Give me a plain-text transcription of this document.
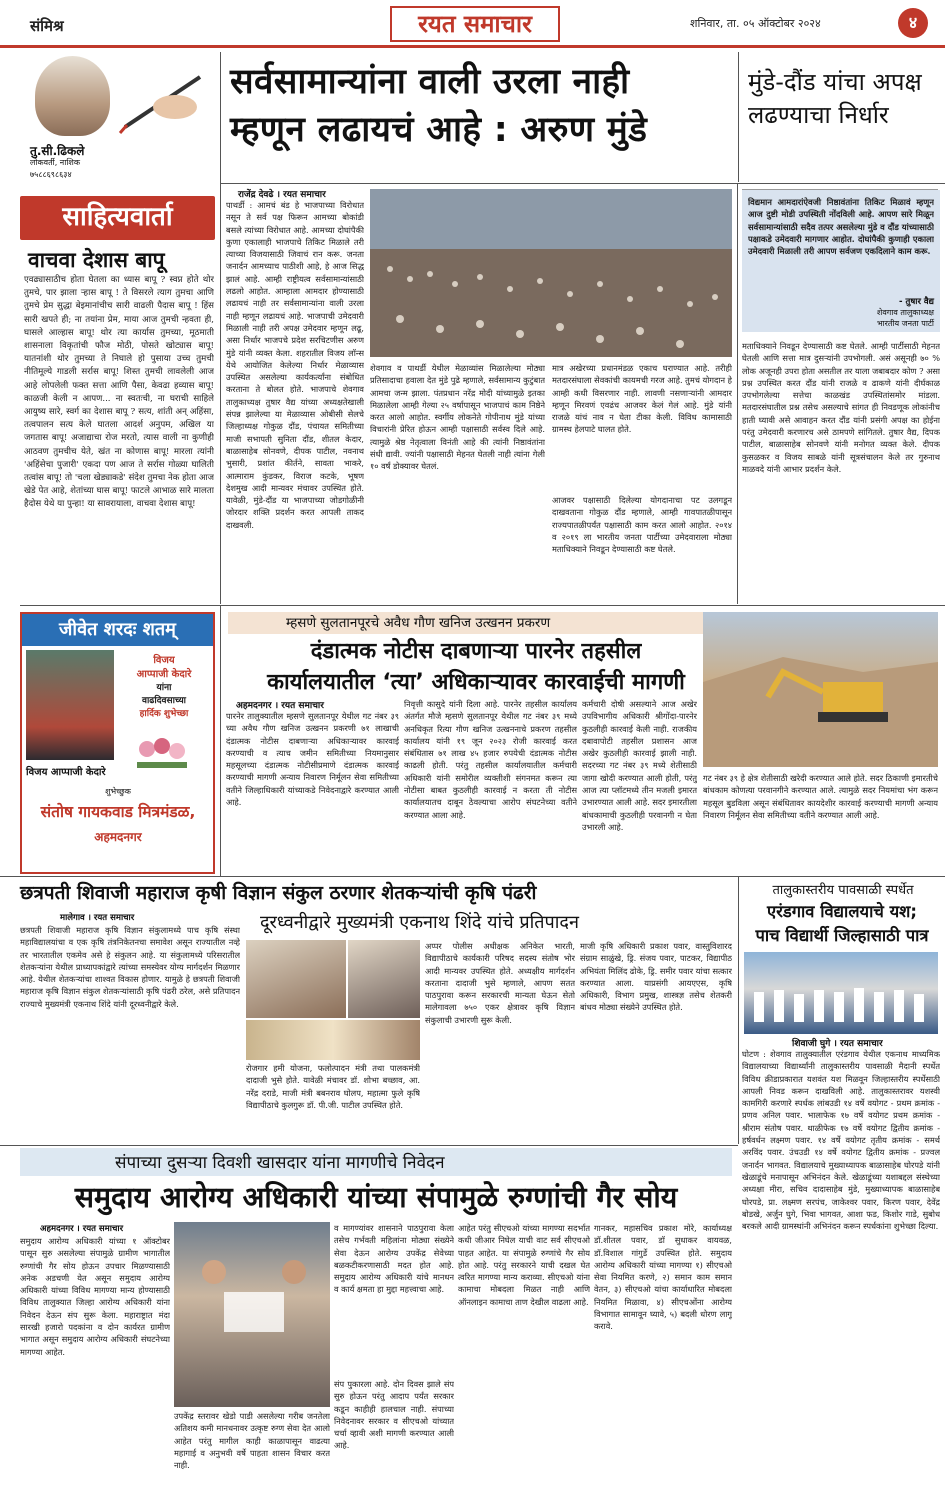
संमिश्र	रयत समाचार	शनिवार, ता. ०५ ऑक्टोबर २०२४	४
तु.सी.ढिकले
लोकवर्ती, नाशिक
७५८८६९८६३४
साहित्यवार्ता
वाचवा देशास बापू
एवढ्यासाठीच होता घेतला का ध्यास बापू ? स्वप्न होते थोर तुमचे, पार झाला ऱ्हास बापू ! ते विसरले त्याग तुमचा आणि तुमचे प्रेम सुद्धा बेइमानांचीच सारी वाढली पैदास बापू ! हिंस सारी खपते ही; ना तयांना प्रेम, माया आज तुमची न्हवता ही, घासले आल्हास बापू! थोर त्या कार्यास तुमच्या, मूठमाती शासनाला विकृतांची फौज मोठी, पोसते खोट्यास बापू! यातनांशी थोर तुमच्या ते निघाले हो पुसाया उच्च तुमची नीतिमूल्ये गाडली सर्रास बापू! शिस्त तुमची लावलेली आज आहे लोपलेली फक्त सत्ता आणि पैसा, केवढा हव्यास बापू! काळजी केली न आपण... ना स्वतःची, ना घराची साहिले आयुष्य सारे, स्वर्ग का देशास बापू ? सत्य, शांती अन् अहिंसा, तत्वपालन सत्य केले घातला आदर्श अनुपम, अखिल या जगतास बापू! अजाद्याचा रोज मरतो, त्यास वाली ना कुणीही आठवण तुमचीच येते, खंत ना कोणास बापू! मारला त्यांनी 'अहिंसेचा पुजारी' एकदा पण आज ते सर्रास गोळ्या घालिती तत्वांस बापू! तो 'चला खेड्याकडे' संदेश तुमचा नेक होता आज खेडे पेत आहे, शेतांच्या घास बापू! फाटले आभाळ सारे मालता हैदोस येथे या पुन्हा! या सावरायाला, वाचवा देशास बापू!
सर्वसामान्यांना वाली उरला नाही
म्हणून लढायचं आहे : अरुण मुंडे
मुंडे-दौंड यांचा अपक्ष लढण्याचा निर्धार
राजेंद्र देवढे । रयत समाचार
पाथर्डी : आमचं बंड हे भाजपाच्या विरोधात नसून ते सर्व पक्ष फिरून आमच्या बोकांडी बसले त्यांच्या विरोधात आहे. आमच्या दोघांपैकी कुणा एकालाही भाजपाचे तिकिट मिळाले तरी त्याच्या विजयासाठी जिवाचं रान करू. जनता जनार्दन आमच्याच पाठीशी आहे, हे आज सिद्ध झालं आहे. आम्ही राष्ट्रीयत्व सर्वसामान्यांसाठी लढलो आहोत. आम्हाला आमदार होण्यासाठी लढायचं नाही तर सर्वसामान्यांना वाली उरला नाही म्हणून लढायचं आहे. भाजपाची उमेदवारी मिळाली नाही तरी अपक्ष उमेदवार म्हणून लढू, असा निर्धार भाजपचे प्रदेश सरचिटणीस अरुण मुंडे यांनी व्यक्त केला. शहरातील विजय लॉन्स येथे आयोजित केलेल्या निर्धार मेळाव्यास उपस्थित असलेल्या कार्यकर्त्यांना संबोधित करताना ते बोलत होते. भाजपाचे शेवगाव तालुकाध्यक्ष तुषार वैद्य यांच्या अध्यक्षतेखाली संपन्न झालेल्या या मेळाव्यास ओबीसी सेलचे जिल्हाध्यक्ष गोकुळ दौंड, पंचायत समितीच्या माजी सभापती सुनिता दौंड, शीतल केदार, बाळासाहेब सोनवणे, दीपक पाटील, नवनाथ भुसारी, प्रशांत कीर्तने, सावता भाकरे, आत्माराम कुंडकर, विराज कटके, भूषण देशमुख आदी मान्यवर मंचावर उपस्थित होते. यावेळी, मुंडे-दौंड या भाजपाच्या जोडगोळीनी जोरदार शक्ति प्रदर्शन करत आपली ताकद दाखवली.
शेवगाव व पाथर्डी येथील मेळाव्यांस मिळालेल्या मोठ्या प्रतिसादाचा हवाला देत मुंडे पुढे म्हणाले, सर्वसामान्य कुटुंबात आमचा जन्म झाला. पंतप्रधान नरेंद्र मोदी यांच्यामुळे इतका मिळालेला आम्ही गेल्या २५ वर्षापासून भाजपाचं काम निष्ठेने करत आलो आहोत. स्वर्गीय लोकनेते गोपीनाथ मुंडे यांच्या विचारांनी प्रेरित होऊन आम्ही पक्षासाठी सर्वस्व दिले आहे. त्यामुळे श्रेष्ठ नेतृत्वाला विनंती आहे की त्यांनी निष्ठावंतांना संधी द्यावी. ज्यांनी पक्षासाठी मेहनत घेतली नाही त्यांना गेली १० वर्षं डोक्यावर घेतलं.
मात्र अखेरच्या प्रधानमंडळ एकाच घराण्यात आहे. तरीही मतदारसंघाला सेवकांची कायमची गरज आहे. तुमचं योगदान हे आम्ही कधी विसरणार नाही. लावणी नसणाऱ्यांनी आमदार म्हणून मिरवणं एवढंच आजवर केलं गेलं आहे. मुंडे यांनी राजळे यांचं नाव न घेता टीका केली. विविध कामासाठी ग्रामस्थ हेलपाटे घालत होते.
आजवर पक्षासाठी दिलेल्या योगदानाचा पट उलगडून दाखवताना गोकुळ दौंड म्हणाले, आम्ही गावपातळीपासून राज्यपातळीपर्यंत पक्षासाठी काम करत आलो आहोत. २०१४ व २०१९ ला भारतीय जनता पार्टीच्या उमेदवाराला मोठ्या मताधिक्याने निवडून देण्यासाठी कष्ट घेतले.
विद्यमान आमदारांऐवजी निष्ठावंतांना तिकिट मिळावं म्हणून आज दुष्टी मोडी उपस्थिती नोंदविली आहे. आपण सारे मिळून सर्वसामान्यांसाठी सदैव तत्पर असलेल्या मुंडे व दौंड यांच्यासाठी पक्षाकडे उमेदवारी मागणार आहोत. दोघांपैकी कुणाही एकाला उमेदवारी मिळाली तरी आपण सर्वजण एकदिलाने काम करू.
- तुषार वैद्य
शेवगाव तालुकाध्यक्ष
भारतीय जनता पार्टी
मताधिक्याने निवडून देण्यासाठी कष्ट घेतले. आम्ही पार्टीसाठी मेहनत घेतली आणि सत्ता मात्र दुसऱ्यांनी उपभोगली. असं असूनही ७० % लोक अजूनही उपरा होता असतील तर याला जबाबदार कोण ? असा प्रश्न उपस्थित करत दौंड यांनी राजळे व ढाकणे यांनी दीर्घकाळ उपभोगलेल्या सत्तेचा काळखंड उपस्थितांसमोर मांडला. मतदारसंघातील प्रश्न तसेच असल्याचे सांगत ही निवडणूक लोकांनीच हाती घ्यावी असे आवाहन करत दौंड यांनी प्रसंगी अपक्ष का होईना परंतु उमेदवारी करणारच असे ठामपणे सांगितले. तुषार वैद्य, दिपक पाटील, बाळासाहेब सोनवणे यांनी मनोगत व्यक्त केले. दीपक कुसळकर व विजय साबळे यांनी सूत्रसंचालन केले तर गुरुनाथ माळवदे यांनी आभार प्रदर्शन केले.
जीवेत शरदः शतम्
विजय
आप्पाजी केदारे
यांना
वाढदिवसाच्या
हार्दिक शुभेच्छा
विजय आप्पाजी केदारे
शुभेच्छुक
संतोष गायकवाड मित्रमंडळ,
अहमदनगर
म्हसणे सुलतानपूरचे अवैध गौण खनिज उत्खनन प्रकरण
दंडात्मक नोटीस दाबणाऱ्या पारनेर तहसील
कार्यालयातील ‘त्या’ अधिकाऱ्यावर कारवाईची मागणी
अहमदनगर । रयत समाचार
पारनेर तालुक्यातील म्हसणे सुलतानपूर येथील गट नंबर ३९ च्या अवैध गौण खनिज उत्खनन प्रकरणी ७१ लाखाची दंडात्मक नोटीस दाबणाऱ्या अधिकाऱ्यावर कारवाई करण्याची व त्याच जमीन समितीच्या नियमानुसार महसूलच्या दंडात्मक नोटीसीप्रमाणे दंडात्मक कारवाई करण्याची मागणी अन्याय निवारण निर्मूलन सेवा समितीच्या वतीने जिल्हाधिकारी यांच्याकडे निवेदनाद्वारे करण्यात आली आहे.
निवृत्ती कासुदे यांनी दिला आहे. पारनेर तहसील कार्यालय अंतर्गत मौजे म्हसणे सुलतानपूर येथील गट नंबर ३९ मध्ये अनधिकृत रित्या गौण खनिज उत्खननाचे प्रकरण तहसील कार्यालय यांनी १९ जून २०२३ रोजी कारवाई करत संबंधितास ७१ लाख ४५ हजार रुपयेची दंडात्मक नोटीस काढली होती. परंतु तहसील कार्यालयातील कर्मचारी अधिकारी यांनी समोरील व्यक्तीशी संगनमत करून त्या नोटीसा बाबत कुठलीही कारवाई न करता ती नोटीस कार्यालयातच दाबून ठेवल्याचा आरोप संघटनेच्या वतीने करण्यात आला आहे.
कर्मचारी दोषी असल्याने आज अखेर उपविभागीय अधिकारी श्रीगोंदा-पारनेर कुठलीही कारवाई केली नाही. राजकीय दबावापोटी तहसील प्रशासन आज अखेर कुठलीही कारवाई झाली नाही. सदरच्या गट नंबर ३९ मध्ये शेतीसाठी जागा खोदी करण्यात आली होती, परंतु आज त्या प्लॉटमध्ये तीन मजली इमारत उभारण्यात आली आहे. सदर इमारतीला बांधकामाची कुठलीही परवानगी न घेता उभारली आहे.
गट नंबर ३९ हे क्षेत्र शेतीसाठी खरेदी करण्यात आले होते. सदर ठिकाणी इमारतीचे बांधकाम कोणत्या परवानगीने करण्यात आले. त्यामुळे सदर नियमांचा भंग करून महसूल बुडविला असून संबंधितावर कायदेशीर कारवाई करण्याची मागणी अन्याय निवारण निर्मूलन सेवा समितीच्या वतीने करण्यात आली आहे.
छत्रपती शिवाजी महाराज कृषी विज्ञान संकुल ठरणार शेतकऱ्यांची कृषि पंढरी
दूरध्वनीद्वारे मुख्यमंत्री एकनाथ शिंदे यांचे प्रतिपादन
मालेगाव । रयत समाचार
छत्रपती शिवाजी महाराज कृषि विज्ञान संकुलामध्ये पाच कृषि संस्था महाविद्यालयांचा व एक कृषि तंत्रनिकेतनचा समावेश असून राज्यातील नव्हे तर भारतातील एकमेव असे हे संकुलन आहे. या संकुलामध्ये परिसरातील शेतकऱ्यांना येथील प्राध्यापकांद्वारे त्यांच्या समस्येवर योग्य मार्गदर्शन मिळणार आहे. येथील शेतकऱ्यांचा शाश्वत विकास होणार. यामुळे हे छत्रपती शिवाजी महाराज कृषि विज्ञान संकुल शेतकऱ्यांसाठी कृषि पंढरी ठरेल, असे प्रतिपादन राज्याचे मुख्यमंत्री एकनाथ शिंदे यांनी दूरध्वनीद्वारे केले.
रोजगार हमी योजना, फलोत्पादन मंत्री तथा पालकमंत्री दादाजी भुसे होते. यावेळी मंचावर डॉ. शोभा बच्छाव, आ. नरेंद्र दराडे, माजी मंत्री बबनराव घोलप, महात्मा फुले कृषि विद्यापीठाचे कुलगुरू डॉ. पी.जी. पाटील उपस्थित होते.
अप्पर पोलीस अधीक्षक अनिकेत भारती, विद्यापीठाचे कार्यकारी परिषद सदस्य संतोष भोर आदी मान्यवर उपस्थित होते. अध्यक्षीय मार्गदर्शन करताना दादाजी भुसे म्हणाले, आपण सतत पाठपुरावा करून सरकारची मान्यता घेऊन सेतो मालेगावला ७५० एकर क्षेत्रावर कृषि विज्ञान संकुलाची उभारणी सुरू केली.
माजी कृषि अधिकारी प्रकाश पवार, वास्तुविशारद संग्राम साळुंखे, ड्रि. संजय पवार, पाटकर, विद्यापीठ अभियंता मिलिंद ढोके, ड्रि. समीर पवार यांचा सत्कार करण्यात आला. याप्रसंगी आयएएस, कृषि अधिकारी, विभाग प्रमुख, शास्त्रज्ञ तसेच शेतकरी बांधव मोठ्या संख्येने उपस्थित होते.
तालुकास्तरीय पावसाळी स्पर्धेत
एरंडगाव विद्यालयाचे यश;
पाच विद्यार्थी जिल्हासाठी पात्र
शिवाजी घुगे । रयत समाचार
घोटण : शेवगाव तालुक्यातील एरंडगाव येथील एकनाथ माध्यमिक विद्यालयाच्या विद्यार्थ्यांनी तालुकास्तरीय पावसाळी मैदानी स्पर्धेत विविध क्रीडाप्रकारात यशवंत यश मिळवून जिल्हास्तरीय स्पर्धेसाठी आपली निवड करून दाखविली आहे. तालुकास्तरावर यशस्वी कामगिरी करणारे स्पर्धक लांबउडी १४ वर्षे वयोगट - प्रथम क्रमांक - प्रणव अनिल पवार. भालाफेक १७ वर्षे वयोगट प्रथम क्रमांक - श्रीराम संतोष पवार. थाळीफेक १७ वर्षे वयोगट द्वितीय क्रमांक - हर्षवर्धन लक्ष्मण पवार. १४ वर्षे वयोगट तृतीय क्रमांक - समर्थ अरविंद पवार. उंचउडी १४ वर्षे वयोगट द्वितीय क्रमांक - प्रज्वल जनार्दन भागवत. विद्यालयाचे मुख्याध्यापक बाळासाहेब घोरपडे यांनी खेळाडूंचे मनापासून अभिनंदन केले. खेळाडूंच्या यशाबद्दल संस्थेच्या अध्यक्षा मीरा, सचिव दादासाहेब मुंडे, मुख्याध्यापक बाळासाहेब घोरपडे, प्रा. लक्ष्मण सरपंच, जाकेश्वर पवार, किरण पवार, देवेंद्र बोडखे, अर्जुन घुगे, भिवा भागवत, आशा फड, किशोर गाडे, सुबोध बरकले आदी ग्रामस्थांनी अभिनंदन करून स्पर्धकांना शुभेच्छा दिल्या.
संपाच्या दुसऱ्या दिवशी खासदार यांना मागणीचे निवेदन
समुदाय आरोग्य अधिकारी यांच्या संपामुळे रुग्णांची गैर सोय
अहमदनगर । रयत समाचार
समुदाय आरोग्य अधिकारी यांच्या १ ऑक्टोबर पासून सुरु असलेल्या संपामुळे ग्रामीण भागातील रुग्णांची गैर सोय होऊन उपचार मिळण्यासाठी अनेक अडचणी येत असून समुदाय आरोग्य अधिकारी यांच्या विविध मागण्या मान्य होण्यासाठी विविध तालुक्यात जिल्हा आरोग्य अधिकारी यांना निवेदन देऊन संप सुरू केला. महाराष्ट्रात मंदा सारखी हजारो पदकांना व दोन कार्यरत ग्रामीण भागात असून समुदाय आरोग्य अधिकारी संघटनेच्या मागण्या आहेत.
व मागण्यांवर शासनाने पाठपुरावा केला तसेच गर्भवती महिलांना मोठ्या संख्येने सेवा देऊन आरोग्य उपकेंद्र सेवेच्या बळकटीकरणासाठी मदत होत आहे. समुदाय आरोग्य अधिकारी यांचे मानधन व कार्य क्षमता हा मुद्दा महत्त्वाचा आहे.
उपकेंद्र स्तरावर खेडो पाडी असलेल्या गरीब जनतेला अतिशय कमी मानधनावर उत्कृष्ट रुग्ण सेवा देत आलो आहेत परंतु मागील काही काळापासून वाढत्या महागाई व अनुभवी वर्षे पाहता शासन विचार करत नाही.
संप पुकारला आहे. दोन दिवस झाले संप सुरु होऊन परंतु आदाप पर्यंत सरकार कडून काहीही हालचाल नाही. संपाच्या निवेदनावर सरकार व सीएचओ यांच्यात चर्चा व्हावी अशी मागणी करण्यात आली आहे.
आहेत परंतु सीएचओ यांच्या मागण्या सदर्भात कधी जीआर निघेल याची वाट सर्व सीएचओ पाहत आहेत. या संपामुळे रुग्णांचे गैर सोय होत आहे. परंतु सरकारने याची दखल घेत त्वरित मागण्या मान्य कराव्या. सीएचओ यांना कामाचा मोबदला मिळत नाही आणि ऑनलाइन कामाचा ताण देखील वाढला आहे.
गानकर, महासचिव प्रकाश मोरे, कार्याध्यक्ष डॉ.शीतल पवार, डॉ सुधाकर वायवळ, डॉ.विशाल गांगुर्डे उपस्थित होते. समुदाय आरोग्य अधिकारी यांच्या मागण्या १) सीएचओ सेवा नियमित करणे, २) समान काम समान वेतन, ३) सीएचओ यांचा कार्याधारित मोबदला नियमित मिळावा, ४) सीएचओंना आरोग्य विभागात सामावून घ्यावे, ५) बदली धोरण लागू करावे.
